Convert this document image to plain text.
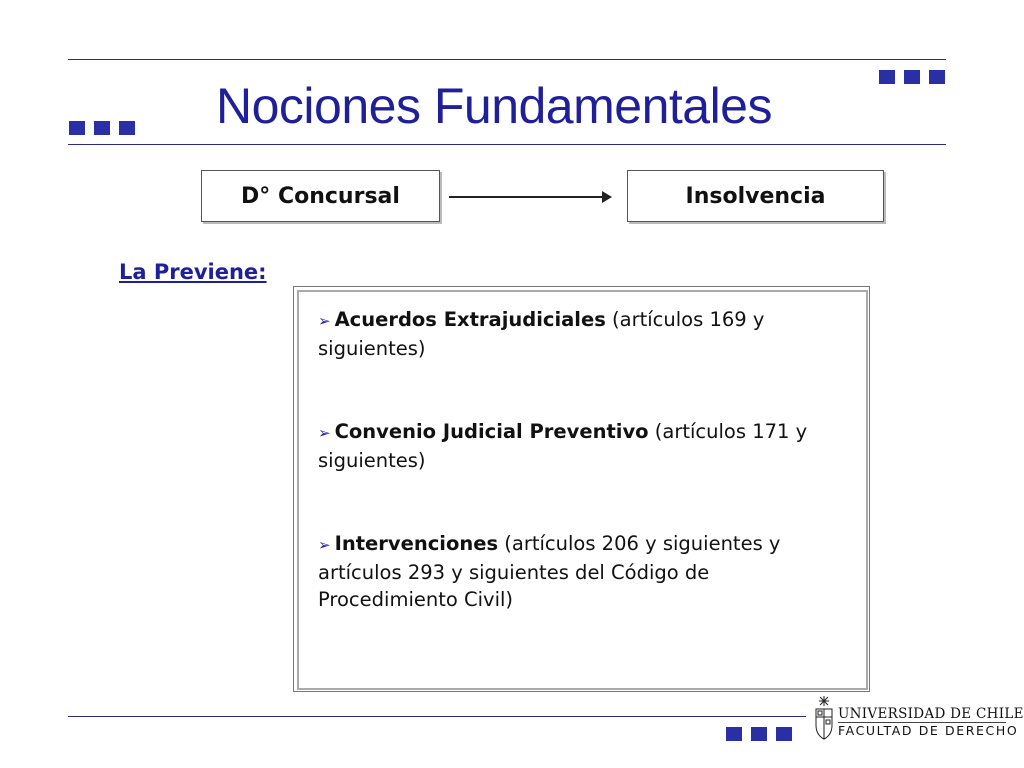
Nociones Fundamentales
D° Concursal	Insolvencia
La Previene:
➢ Acuerdos Extrajudiciales (artículos 169 y siguientes)
➢ Convenio Judicial Preventivo (artículos 171 y siguientes)
➢ Intervenciones (artículos 206 y siguientes y artículos 293 y siguientes del Código de Procedimiento Civil)
UNIVERSIDAD DE CHILE
FACULTAD DE DERECHO
